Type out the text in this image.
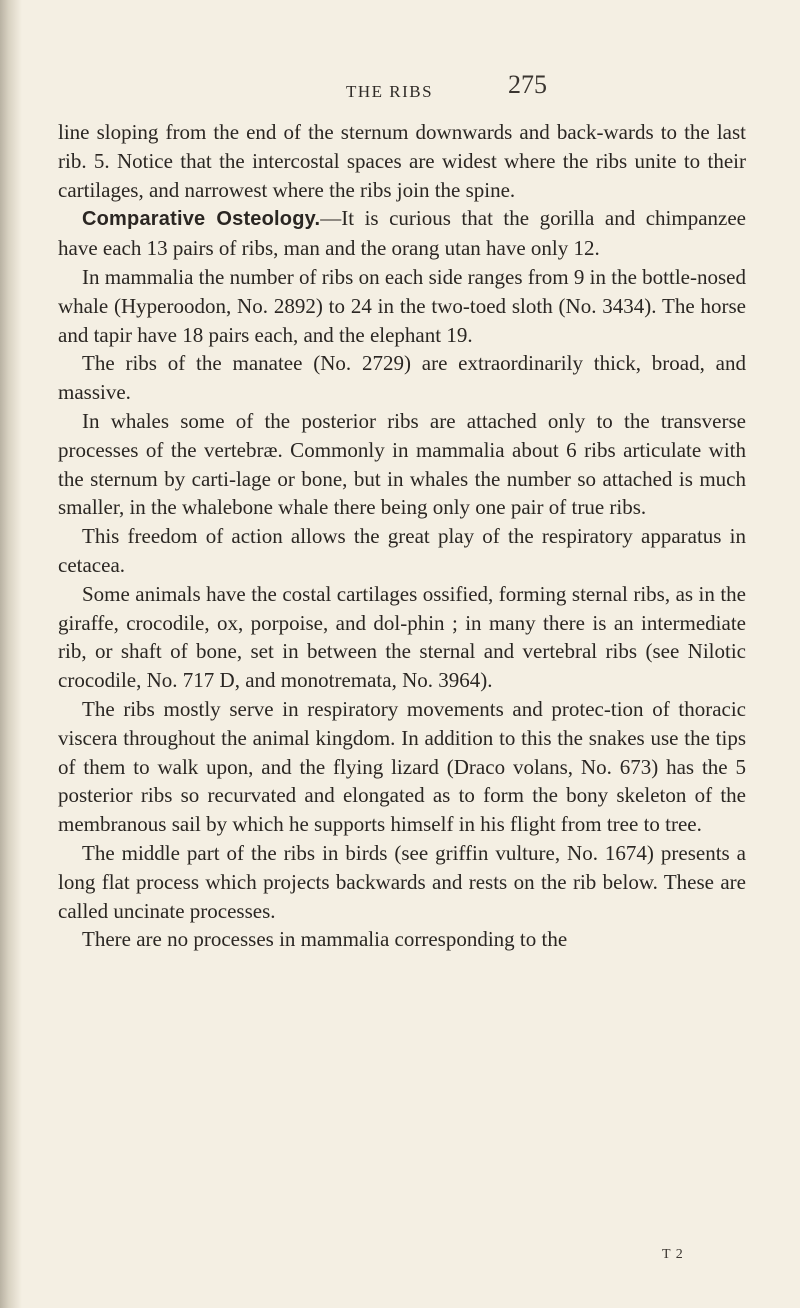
THE RIBS	275

line sloping from the end of the sternum downwards and back-wards to the last rib. 5. Notice that the intercostal spaces are widest where the ribs unite to their cartilages, and narrowest where the ribs join the spine.

Comparative Osteology.—It is curious that the gorilla and chimpanzee have each 13 pairs of ribs, man and the orang utan have only 12.

In mammalia the number of ribs on each side ranges from 9 in the bottle-nosed whale (Hyperoodon, No. 2892) to 24 in the two-toed sloth (No. 3434). The horse and tapir have 18 pairs each, and the elephant 19.

The ribs of the manatee (No. 2729) are extraordinarily thick, broad, and massive.

In whales some of the posterior ribs are attached only to the transverse processes of the vertebræ. Commonly in mammalia about 6 ribs articulate with the sternum by carti-lage or bone, but in whales the number so attached is much smaller, in the whalebone whale there being only one pair of true ribs.

This freedom of action allows the great play of the respiratory apparatus in cetacea.

Some animals have the costal cartilages ossified, forming sternal ribs, as in the giraffe, crocodile, ox, porpoise, and dol-phin ; in many there is an intermediate rib, or shaft of bone, set in between the sternal and vertebral ribs (see Nilotic crocodile, No. 717 D, and monotremata, No. 3964).

The ribs mostly serve in respiratory movements and protec-tion of thoracic viscera throughout the animal kingdom. In addition to this the snakes use the tips of them to walk upon, and the flying lizard (Draco volans, No. 673) has the 5 posterior ribs so recurvated and elongated as to form the bony skeleton of the membranous sail by which he supports himself in his flight from tree to tree.

The middle part of the ribs in birds (see griffin vulture, No. 1674) presents a long flat process which projects backwards and rests on the rib below. These are called uncinate processes.

There are no processes in mammalia corresponding to the

T 2
